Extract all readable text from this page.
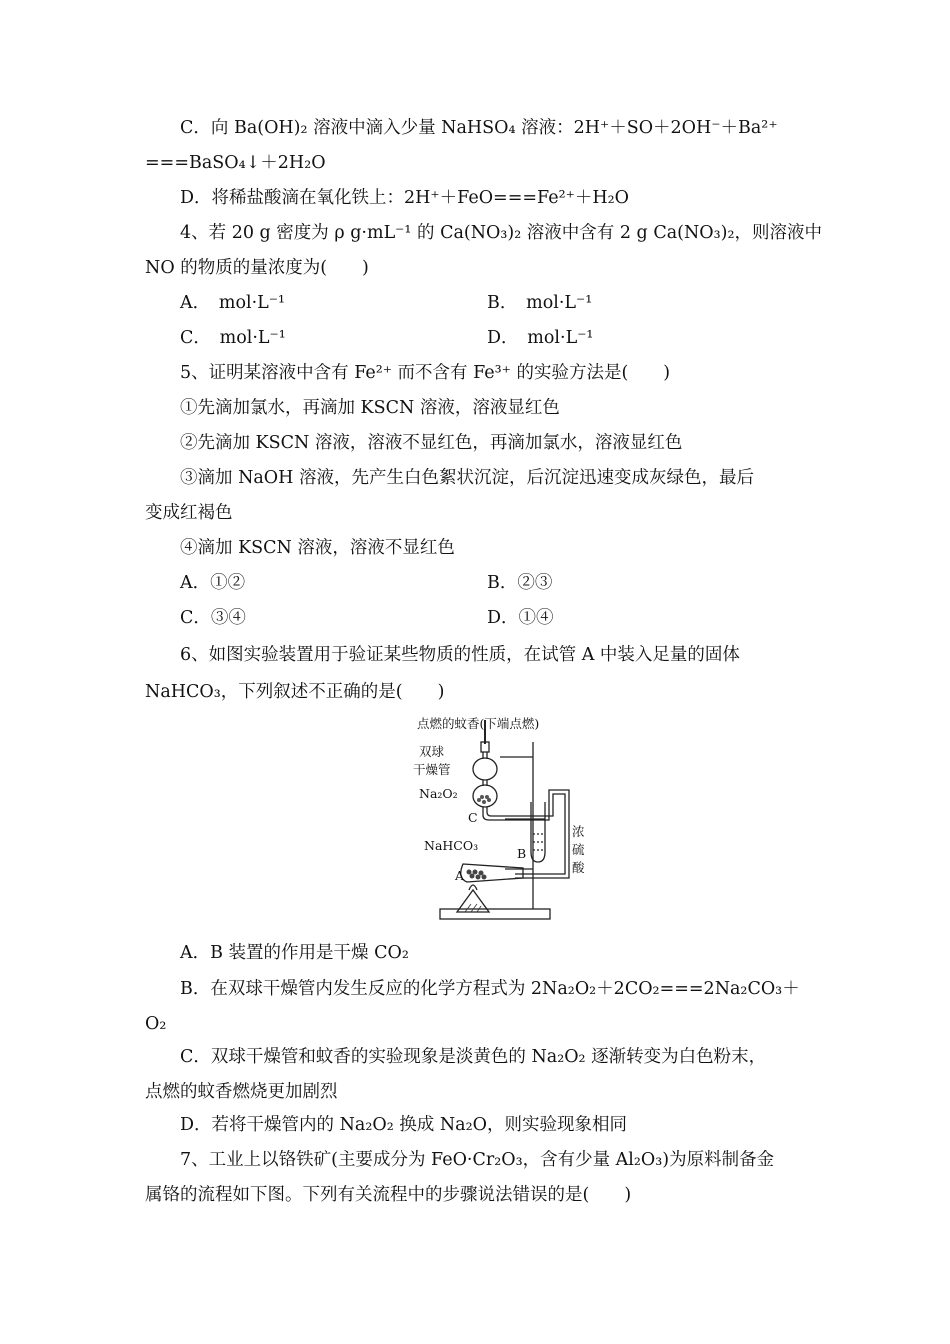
C．向 Ba(OH)₂ 溶液中滴入少量 NaHSO₄ 溶液：2H⁺＋SO＋2OH⁻＋Ba²⁺
===BaSO₄↓＋2H₂O
D．将稀盐酸滴在氧化铁上：2H⁺＋FeO===Fe²⁺＋H₂O
4、若 20 g 密度为 ρ g·mL⁻¹ 的 Ca(NO₃)₂ 溶液中含有 2 g Ca(NO₃)₂，则溶液中
NO 的物质的量浓度为(　　)
A．　mol·L⁻¹	B．　mol·L⁻¹
C．　mol·L⁻¹	D．　mol·L⁻¹
5、证明某溶液中含有 Fe²⁺ 而不含有 Fe³⁺ 的实验方法是(　　)
①先滴加氯水，再滴加 KSCN 溶液，溶液显红色
②先滴加 KSCN 溶液，溶液不显红色，再滴加氯水，溶液显红色
③滴加 NaOH 溶液，先产生白色絮状沉淀，后沉淀迅速变成灰绿色，最后
变成红褐色
④滴加 KSCN 溶液，溶液不显红色
A．①②	B．②③
C．③④	D．①④
6、如图实验装置用于验证某些物质的性质，在试管 A 中装入足量的固体
NaHCO₃，下列叙述不正确的是(　　)
点燃的蚊香(下端点燃)
双球
干燥管
Na₂O₂
C
NaHCO₃
B
A
浓
硫
酸
A．B 装置的作用是干燥 CO₂
B．在双球干燥管内发生反应的化学方程式为 2Na₂O₂＋2CO₂===2Na₂CO₃＋
O₂
C．双球干燥管和蚊香的实验现象是淡黄色的 Na₂O₂ 逐渐转变为白色粉末，
点燃的蚊香燃烧更加剧烈
D．若将干燥管内的 Na₂O₂ 换成 Na₂O，则实验现象相同
7、工业上以铬铁矿(主要成分为 FeO·Cr₂O₃，含有少量 Al₂O₃)为原料制备金
属铬的流程如下图。下列有关流程中的步骤说法错误的是(　　)
